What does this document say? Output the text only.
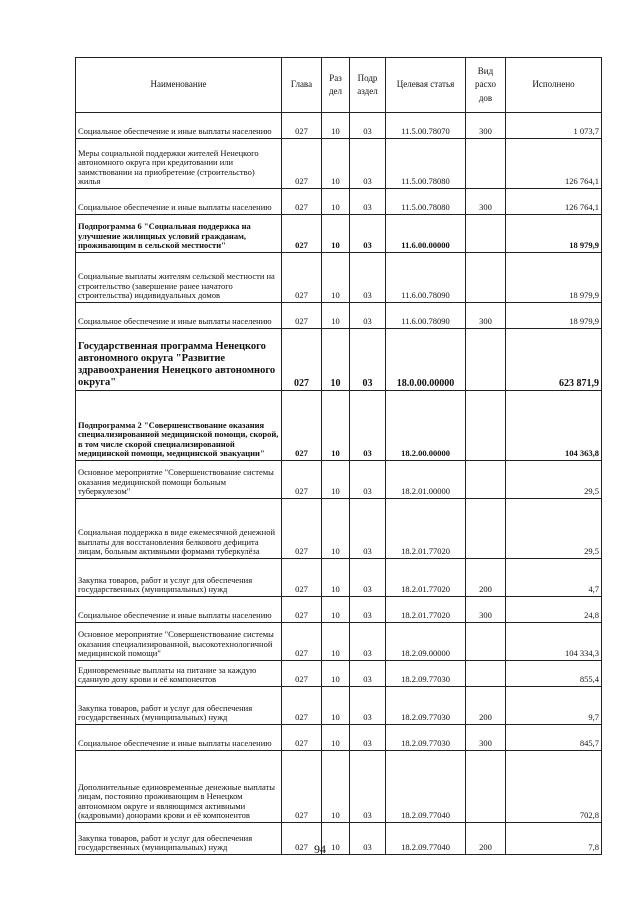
Наименование	Глава	Раз дел	Подр аздел	Целевая статья	Вид расхо дов	Исполнено
Социальное обеспечение и иные выплаты населению	027	10	03	11.5.00.78070	300	1 073,7
Меры социальной поддержки жителей Ненецкого автономного округа при кредитовании или заимствовании на приобретение (строительство) жилья	027	10	03	11.5.00.78080		126 764,1
Социальное обеспечение и иные выплаты населению	027	10	03	11.5.00.78080	300	126 764,1
Подпрограмма 6 "Социальная поддержка на улучшение жилищных условий гражданам, проживающим в сельской местности"	027	10	03	11.6.00.00000		18 979,9
Социальные выплаты жителям сельской местности на строительство (завершение ранее начатого строительства) индивидуальных домов	027	10	03	11.6.00.78090		18 979,9
Социальное обеспечение и иные выплаты населению	027	10	03	11.6.00.78090	300	18 979,9
Государственная программа Ненецкого автономного округа "Развитие здравоохранения Ненецкого автономного округа"	027	10	03	18.0.00.00000		623 871,9
Подпрограмма 2 "Совершенствование оказания специализированной медицинской помощи, скорой, в том числе скорой специализированной медицинской помощи, медицинской эвакуации"	027	10	03	18.2.00.00000		104 363,8
Основное мероприятие "Совершенствование системы оказания медицинской помощи больным туберкулезом"	027	10	03	18.2.01.00000		29,5
Социальная поддержка в виде ежемесячной денежной выплаты для восстановления белкового дефицита лицам, больным активными формами туберкулёза	027	10	03	18.2.01.77020		29,5
Закупка товаров, работ и услуг для обеспечения государственных (муниципальных) нужд	027	10	03	18.2.01.77020	200	4,7
Социальное обеспечение и иные выплаты населению	027	10	03	18.2.01.77020	300	24,8
Основное мероприятие "Совершенствование системы оказания специализированной, высокотехнологичной медицинской помощи"	027	10	03	18.2.09.00000		104 334,3
Единовременные выплаты на питание за каждую сданную дозу крови и её компонентов	027	10	03	18.2.09.77030		855,4
Закупка товаров, работ и услуг для обеспечения государственных (муниципальных) нужд	027	10	03	18.2.09.77030	200	9,7
Социальное обеспечение и иные выплаты населению	027	10	03	18.2.09.77030	300	845,7
Дополнительные единовременные денежные выплаты лицам, постоянно проживающим в Ненецком автономном округе и являющимся активными (кадровыми) донорами крови и её компонентов	027	10	03	18.2.09.77040		702,8
Закупка товаров, работ и услуг для обеспечения государственных (муниципальных) нужд	027	10	03	18.2.09.77040	200	7,8
94
